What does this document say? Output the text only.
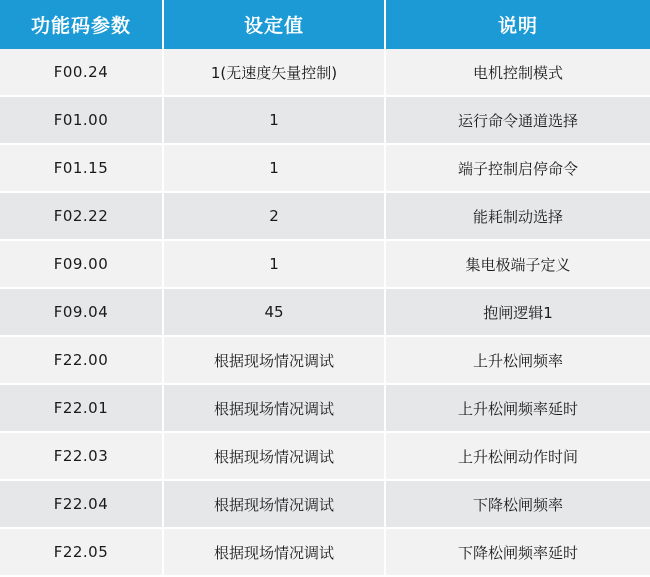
功能码参数	设定值	说明
F00.24	1(无速度矢量控制)	电机控制模式
F01.00	1	运行命令通道选择
F01.15	1	端子控制启停命令
F02.22	2	能耗制动选择
F09.00	1	集电极端子定义
F09.04	45	抱闸逻辑1
F22.00	根据现场情况调试	上升松闸频率
F22.01	根据现场情况调试	上升松闸频率延时
F22.03	根据现场情况调试	上升松闸动作时间
F22.04	根据现场情况调试	下降松闸频率
F22.05	根据现场情况调试	下降松闸频率延时
